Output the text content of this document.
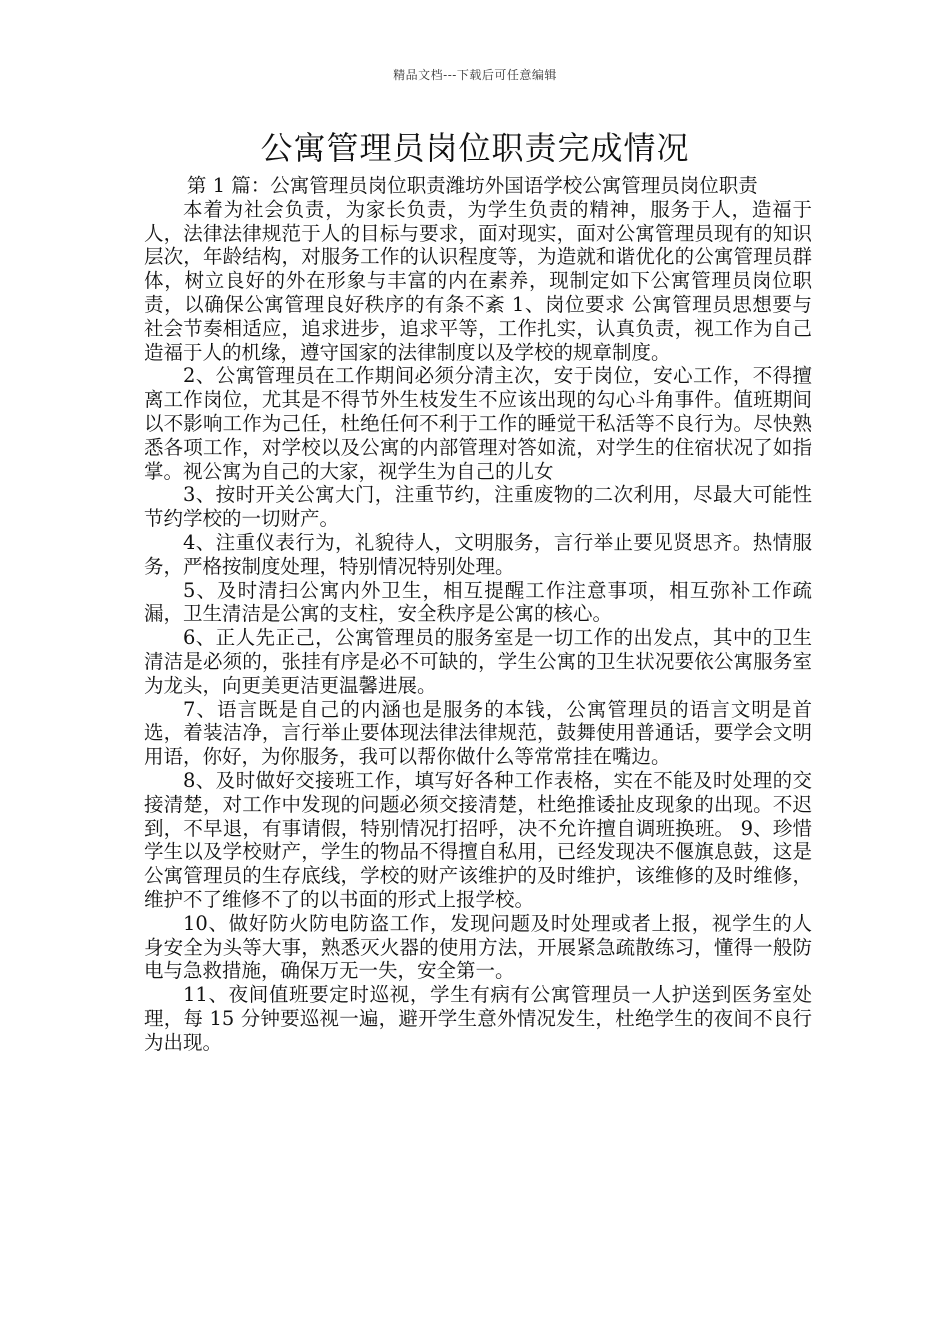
精品文档---下载后可任意编辑
公寓管理员岗位职责完成情况

第 1 篇：公寓管理员岗位职责潍坊外国语学校公寓管理员岗位职责

本着为社会负责，为家长负责，为学生负责的精神，服务于人，造福于人，法律法律规范于人的目标与要求，面对现实，面对公寓管理员现有的知识层次，年龄结构，对服务工作的认识程度等，为造就和谐优化的公寓管理员群体，树立良好的外在形象与丰富的内在素养，现制定如下公寓管理员岗位职责，以确保公寓管理良好秩序的有条不紊 1、岗位要求 公寓管理员思想要与社会节奏相适应，追求进步，追求平等，工作扎实，认真负责，视工作为自己造福于人的机缘，遵守国家的法律制度以及学校的规章制度。

2、公寓管理员在工作期间必须分清主次，安于岗位，安心工作，不得擅离工作岗位，尤其是不得节外生枝发生不应该出现的勾心斗角事件。值班期间以不影响工作为己任，杜绝任何不利于工作的睡觉干私活等不良行为。尽快熟悉各项工作，对学校以及公寓的内部管理对答如流，对学生的住宿状况了如指掌。视公寓为自己的大家，视学生为自己的儿女

3、按时开关公寓大门，注重节约，注重废物的二次利用，尽最大可能性节约学校的一切财产。

4、注重仪表行为，礼貌待人，文明服务，言行举止要见贤思齐。热情服务，严格按制度处理，特别情况特别处理。

5、及时清扫公寓内外卫生，相互提醒工作注意事项，相互弥补工作疏漏，卫生清洁是公寓的支柱，安全秩序是公寓的核心。

6、正人先正己，公寓管理员的服务室是一切工作的出发点，其中的卫生清洁是必须的，张挂有序是必不可缺的，学生公寓的卫生状况要依公寓服务室为龙头，向更美更洁更温馨进展。

7、语言既是自己的内涵也是服务的本钱，公寓管理员的语言文明是首选，着装洁净，言行举止要体现法律法律规范，鼓舞使用普通话，要学会文明用语，你好，为你服务，我可以帮你做什么等常常挂在嘴边。

8、及时做好交接班工作，填写好各种工作表格，实在不能及时处理的交接清楚，对工作中发现的问题必须交接清楚，杜绝推诿扯皮现象的出现。不迟到，不早退，有事请假，特别情况打招呼，决不允许擅自调班换班。 9、珍惜学生以及学校财产，学生的物品不得擅自私用，已经发现决不偃旗息鼓，这是公寓管理员的生存底线，学校的财产该维护的及时维护，该维修的及时维修，维护不了维修不了的以书面的形式上报学校。

10、做好防火防电防盗工作，发现问题及时处理或者上报，视学生的人身安全为头等大事，熟悉灭火器的使用方法，开展紧急疏散练习，懂得一般防电与急救措施，确保万无一失，安全第一。

11、夜间值班要定时巡视，学生有病有公寓管理员一人护送到医务室处理，每 15 分钟要巡视一遍，避开学生意外情况发生，杜绝学生的夜间不良行为出现。
